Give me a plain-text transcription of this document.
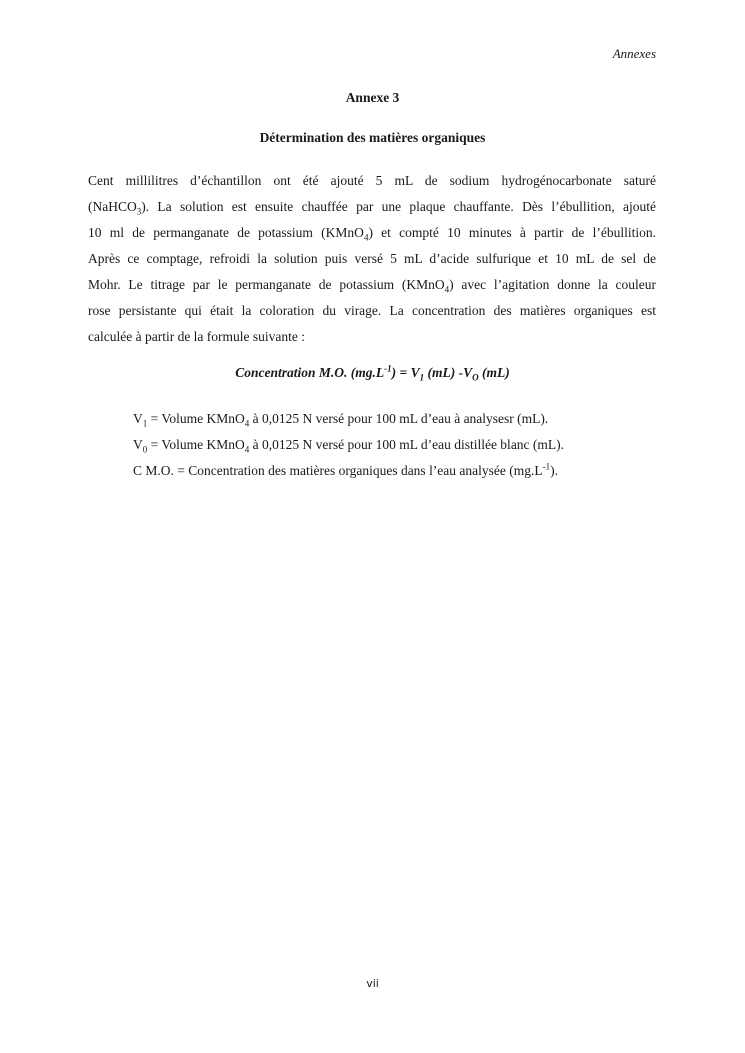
Annexes
Annexe 3
Détermination des matières organiques
Cent millilitres d’échantillon ont été ajouté 5 mL de sodium hydrogénocarbonate saturé
(NaHCO$_3$). La solution est ensuite chauffée par une plaque chauffante. Dès l’ébullition, ajouté
10 ml de permanganate de potassium (KMnO$_4$) et compté 10 minutes à partir de l’ébullition.
Après ce comptage, refroidi la solution puis versé 5 mL d’acide sulfurique et 10 mL de sel de
Mohr. Le titrage par le permanganate de potassium (KMnO$_4$) avec l’agitation donne la couleur
rose persistante qui était la coloration du virage. La concentration des matières organiques est
calculée à partir de la formule suivante :
Concentration M.O. $(mg.L^{-1}) = V_1$ (mL) $-V_O$ (mL)
$V_1$ = Volume KMnO$_4$ à 0,0125 N versé pour 100 mL d’eau à analysesr (mL).
$V_0$ = Volume KMnO$_4$ à 0,0125 N versé pour 100 mL d’eau distillée blanc (mL).
C M.O. = Concentration des matières organiques dans l’eau analysée $(mg.L^{-1})$.
vii
